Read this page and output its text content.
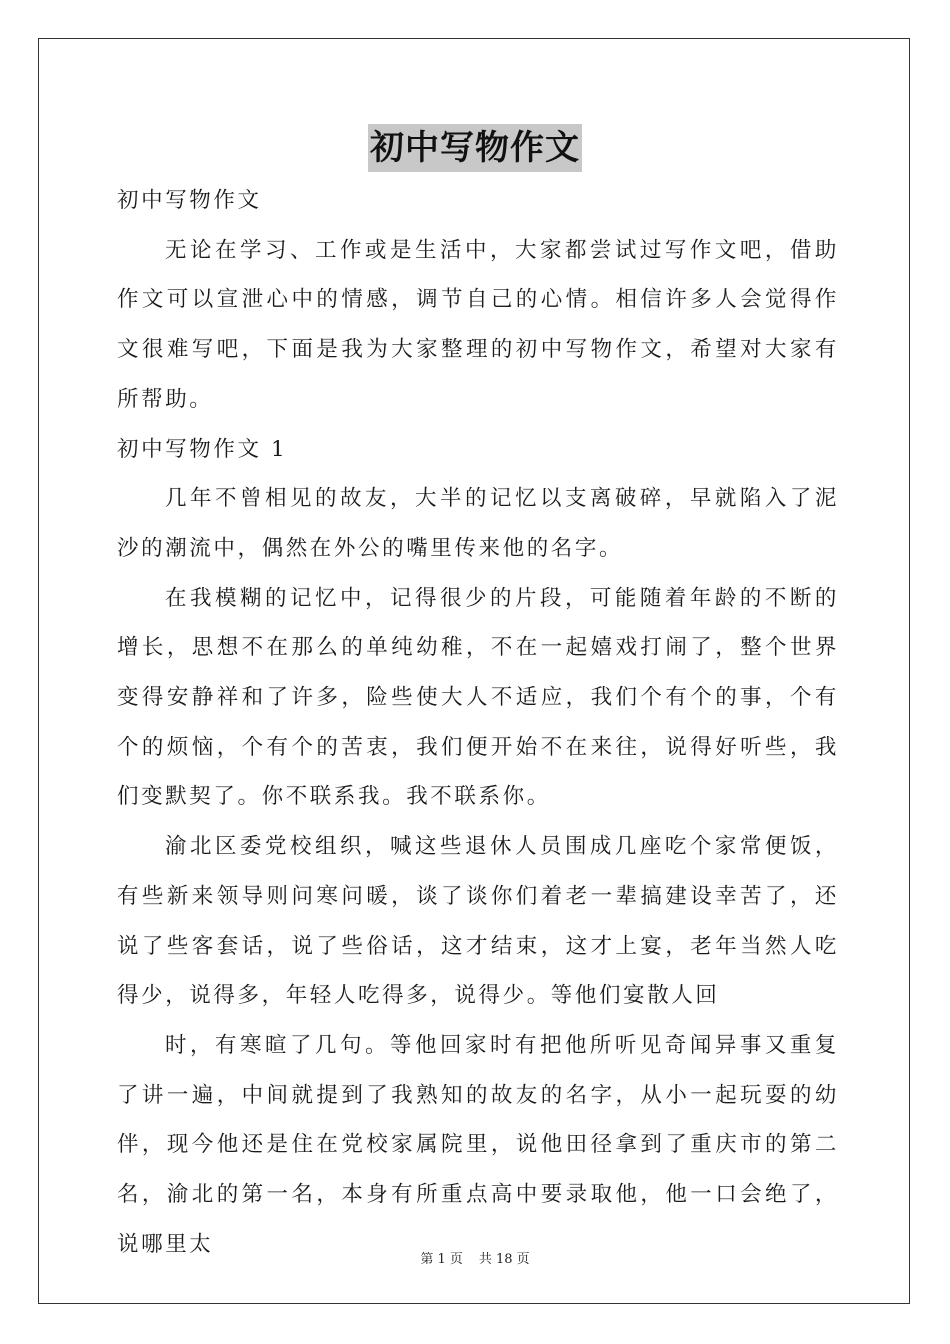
初中写物作文

初中写物作文

无论在学习、工作或是生活中，大家都尝试过写作文吧，借助作文可以宣泄心中的情感，调节自己的心情。相信许多人会觉得作文很难写吧，下面是我为大家整理的初中写物作文，希望对大家有所帮助。

初中写物作文 1

几年不曾相见的故友，大半的记忆以支离破碎，早就陷入了泥沙的潮流中，偶然在外公的嘴里传来他的名字。

在我模糊的记忆中，记得很少的片段，可能随着年龄的不断的增长，思想不在那么的单纯幼稚，不在一起嬉戏打闹了，整个世界变得安静祥和了许多，险些使大人不适应，我们个有个的事，个有个的烦恼，个有个的苦衷，我们便开始不在来往，说得好听些，我们变默契了。你不联系我。我不联系你。

渝北区委党校组织，喊这些退休人员围成几座吃个家常便饭，有些新来领导则问寒问暖，谈了谈你们着老一辈搞建设幸苦了，还说了些客套话，说了些俗话，这才结束，这才上宴，老年当然人吃得少，说得多，年轻人吃得多，说得少。等他们宴散人回

时，有寒暄了几句。等他回家时有把他所听见奇闻异事又重复了讲一遍，中间就提到了我熟知的故友的名字，从小一起玩耍的幼伴，现今他还是住在党校家属院里，说他田径拿到了重庆市的第二名，渝北的第一名，本身有所重点高中要录取他，他一口会绝了，说哪里太

第 1 页 共 18 页
